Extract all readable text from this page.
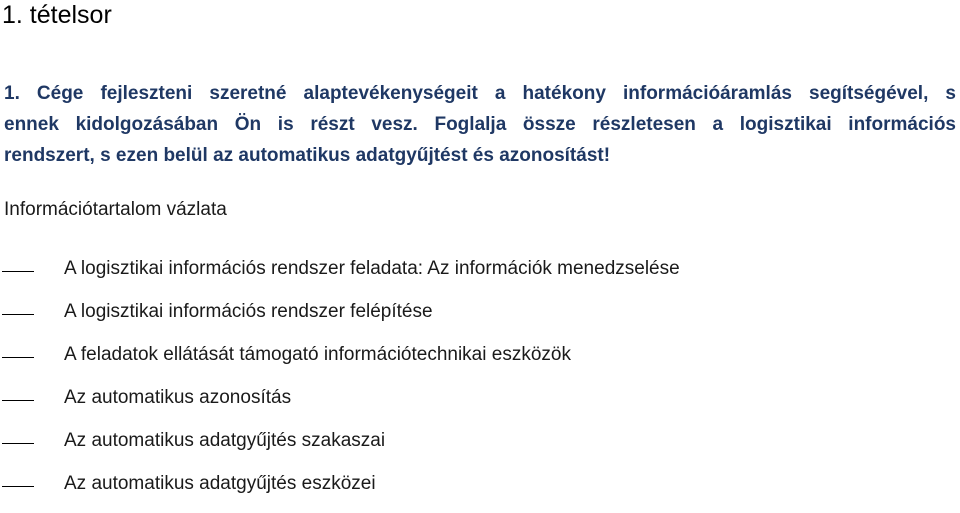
1. tételsor
1. Cége fejleszteni szeretné alaptevékenységeit a hatékony információáramlás segítségével, s
ennek kidolgozásában Ön is részt vesz. Foglalja össze részletesen a logisztikai információs
rendszert, s ezen belül az automatikus adatgyűjtést és azonosítást!
Információtartalom vázlata
A logisztikai információs rendszer feladata: Az információk menedzselése
A logisztikai információs rendszer felépítése
A feladatok ellátását támogató információtechnikai eszközök
Az automatikus azonosítás
Az automatikus adatgyűjtés szakaszai
Az automatikus adatgyűjtés eszközei
